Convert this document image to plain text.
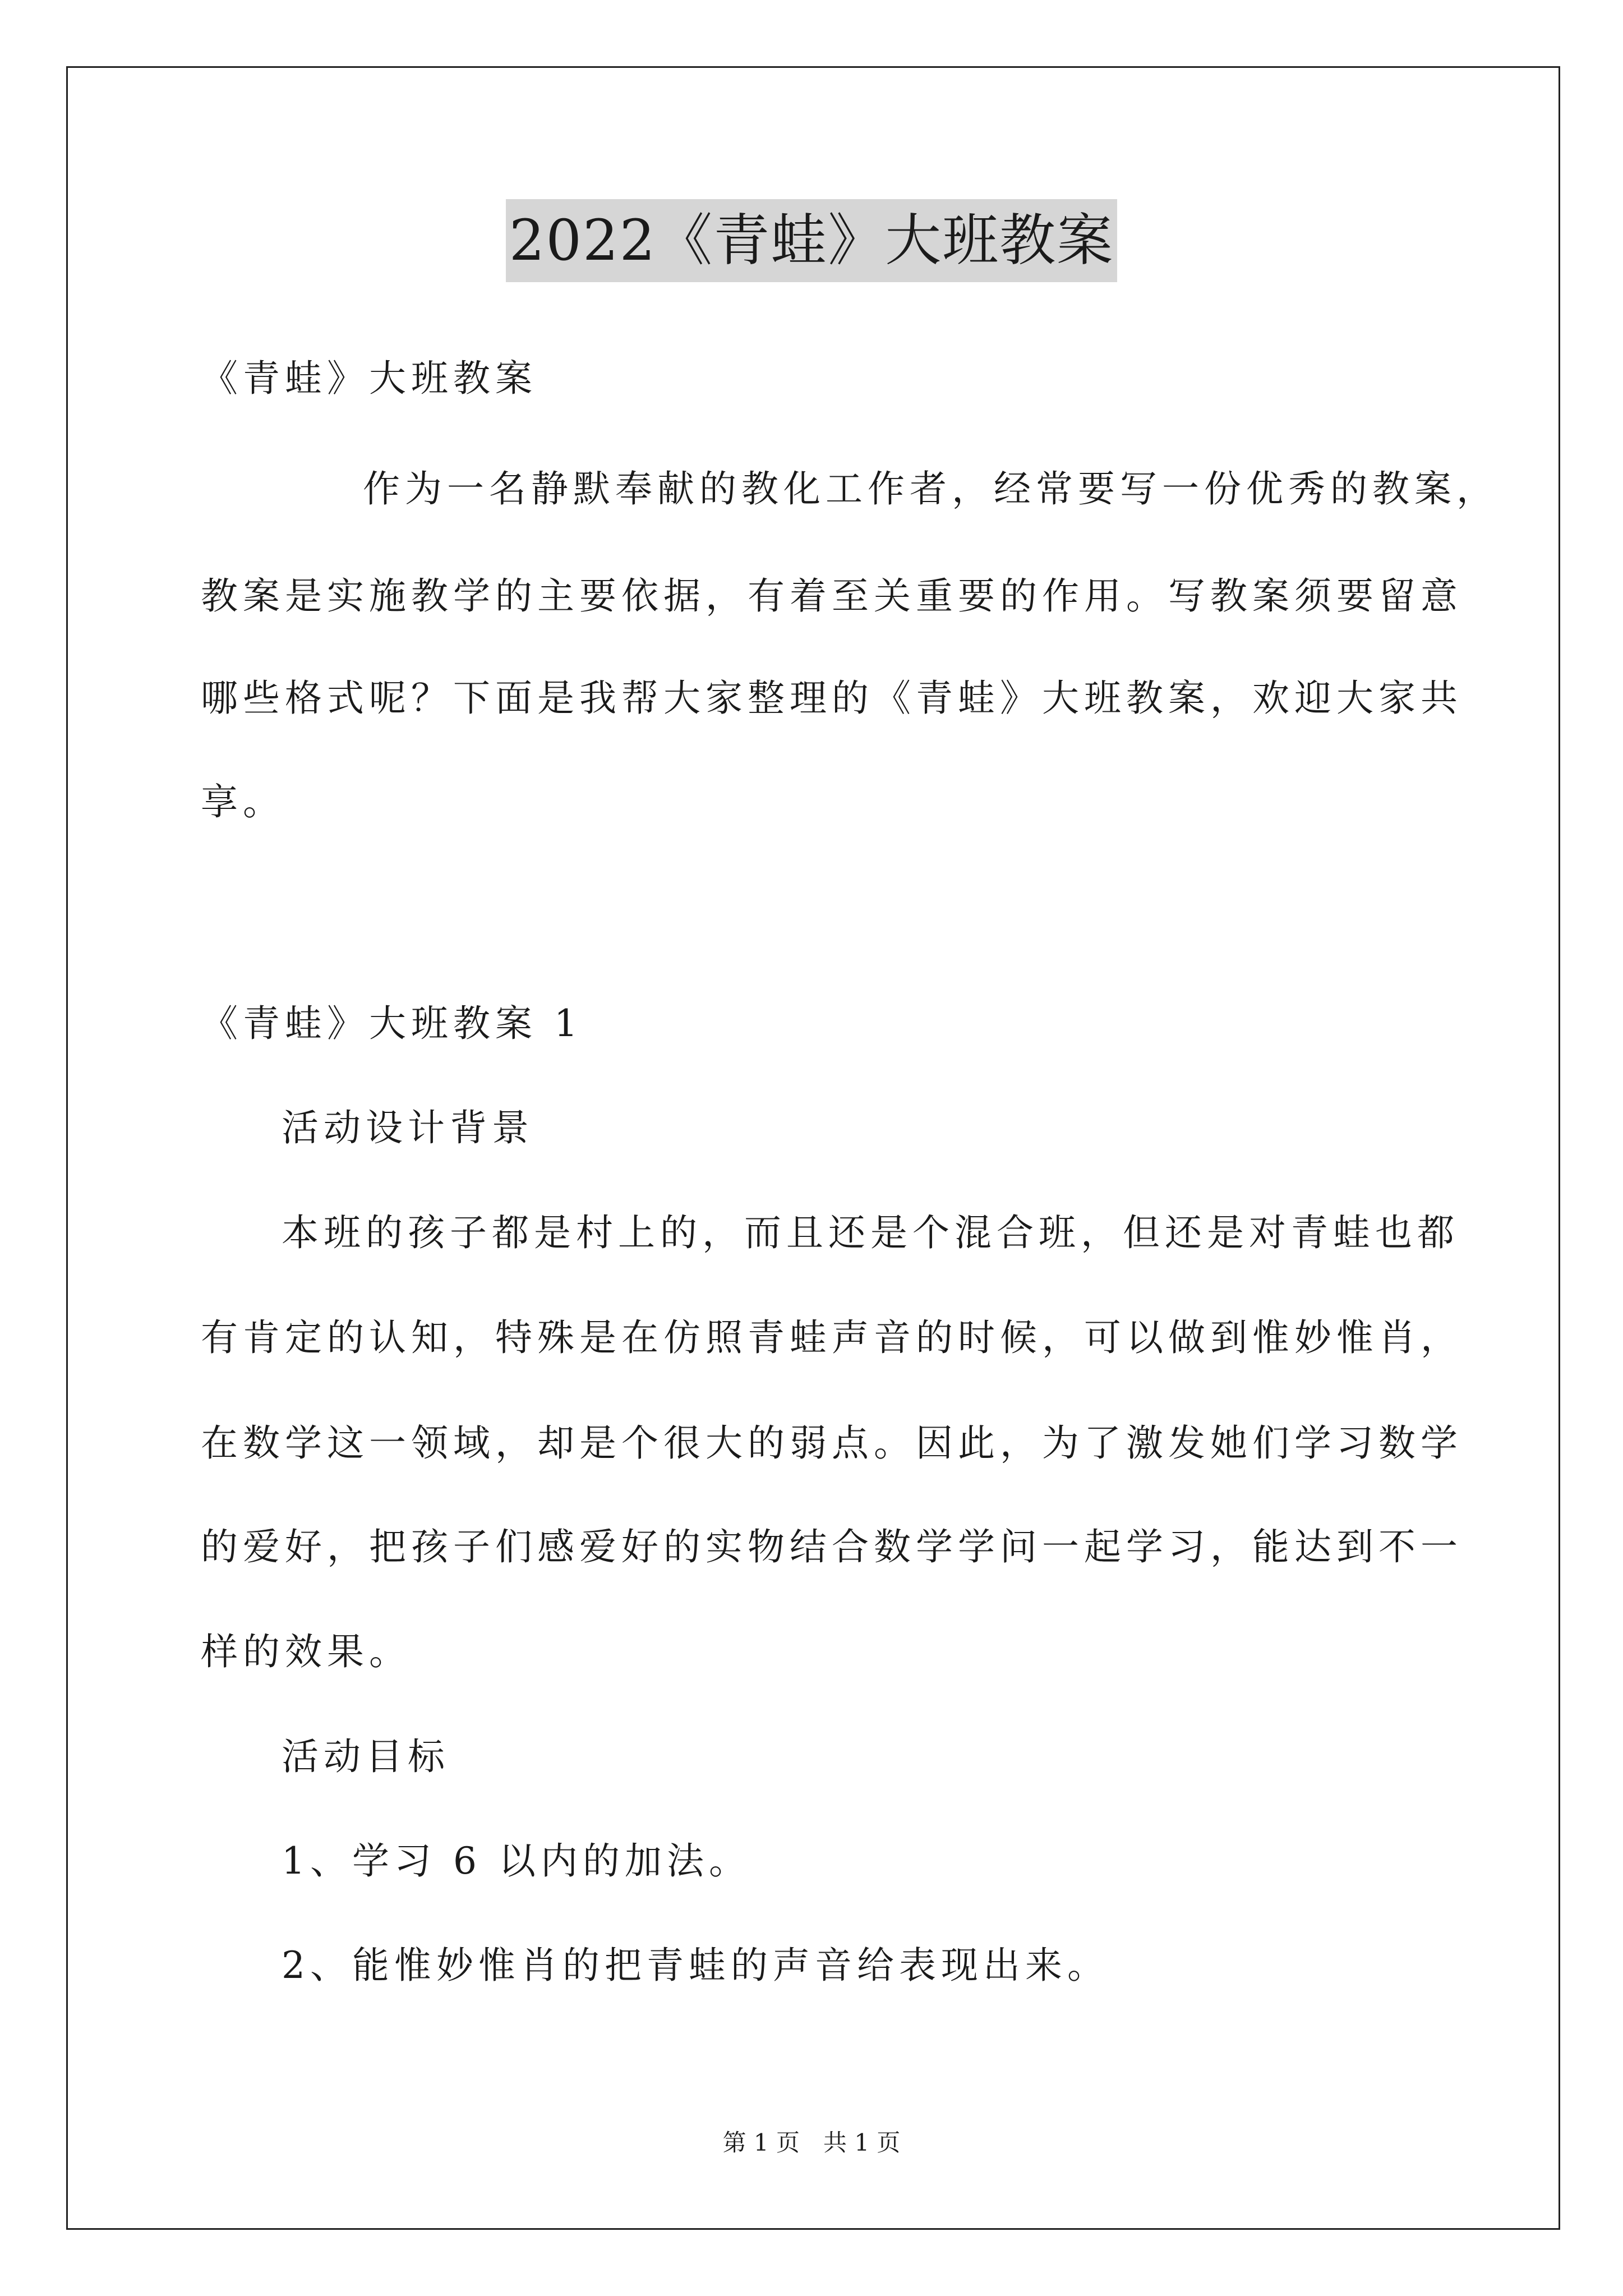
2022《青蛙》大班教案
《青蛙》大班教案
作为一名静默奉献的教化工作者，经常要写一份优秀的教案，
教案是实施教学的主要依据，有着至关重要的作用。写教案须要留意
哪些格式呢？下面是我帮大家整理的《青蛙》大班教案，欢迎大家共
享。
《青蛙》大班教案 1
活动设计背景
本班的孩子都是村上的，而且还是个混合班，但还是对青蛙也都
有肯定的认知，特殊是在仿照青蛙声音的时候，可以做到惟妙惟肖，
在数学这一领域，却是个很大的弱点。因此，为了激发她们学习数学
的爱好，把孩子们感爱好的实物结合数学学问一起学习，能达到不一
样的效果。
活动目标
1、学习 6 以内的加法。
2、能惟妙惟肖的把青蛙的声音给表现出来。
第 1 页　共 1 页
